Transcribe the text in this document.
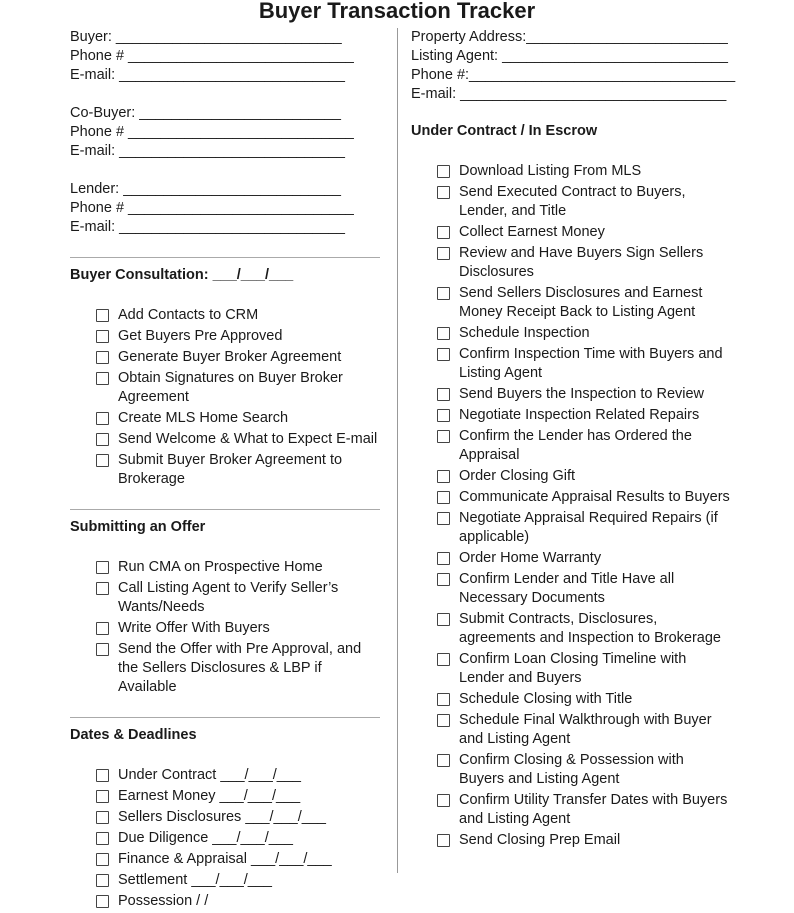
Buyer Transaction Tracker
Buyer: ____________________________
Phone # ____________________________
E-mail: ____________________________
Co-Buyer: _________________________
Phone # ____________________________
E-mail: ____________________________
Lender: ___________________________
Phone # ____________________________
E-mail: ____________________________
Buyer Consultation: ___/___/___
Add Contacts to CRM
Get Buyers Pre Approved
Generate Buyer Broker Agreement
Obtain Signatures on Buyer Broker Agreement
Create MLS Home Search
Send Welcome & What to Expect E-mail
Submit Buyer Broker Agreement to Brokerage
Submitting an Offer
Run CMA on Prospective Home
Call Listing Agent to Verify Seller’s Wants/Needs
Write Offer With Buyers
Send the Offer with Pre Approval, and the Sellers Disclosures & LBP if Available
Dates & Deadlines
Under Contract ___/___/___
Earnest Money ___/___/___
Sellers Disclosures ___/___/___
Due Diligence ___/___/___
Finance & Appraisal ___/___/___
Settlement ___/___/___
Possession / /
Property Address:_________________________
Listing Agent: ____________________________
Phone #:_________________________________
E-mail: _________________________________
Under Contract / In Escrow
Download Listing From MLS
Send Executed Contract to Buyers, Lender, and Title
Collect Earnest Money
Review and Have Buyers Sign Sellers Disclosures
Send Sellers Disclosures and Earnest Money Receipt Back to Listing Agent
Schedule Inspection
Confirm Inspection Time with Buyers and Listing Agent
Send Buyers the Inspection to Review
Negotiate Inspection Related Repairs
Confirm the Lender has Ordered the Appraisal
Order Closing Gift
Communicate Appraisal Results to Buyers
Negotiate Appraisal Required Repairs (if applicable)
Order Home Warranty
Confirm Lender and Title Have all Necessary Documents
Submit Contracts, Disclosures, agreements and Inspection to Brokerage
Confirm Loan Closing Timeline with Lender and Buyers
Schedule Closing with Title
Schedule Final Walkthrough with Buyer and Listing Agent
Confirm Closing & Possession with Buyers and Listing Agent
Confirm Utility Transfer Dates with Buyers and Listing Agent
Send Closing Prep Email
